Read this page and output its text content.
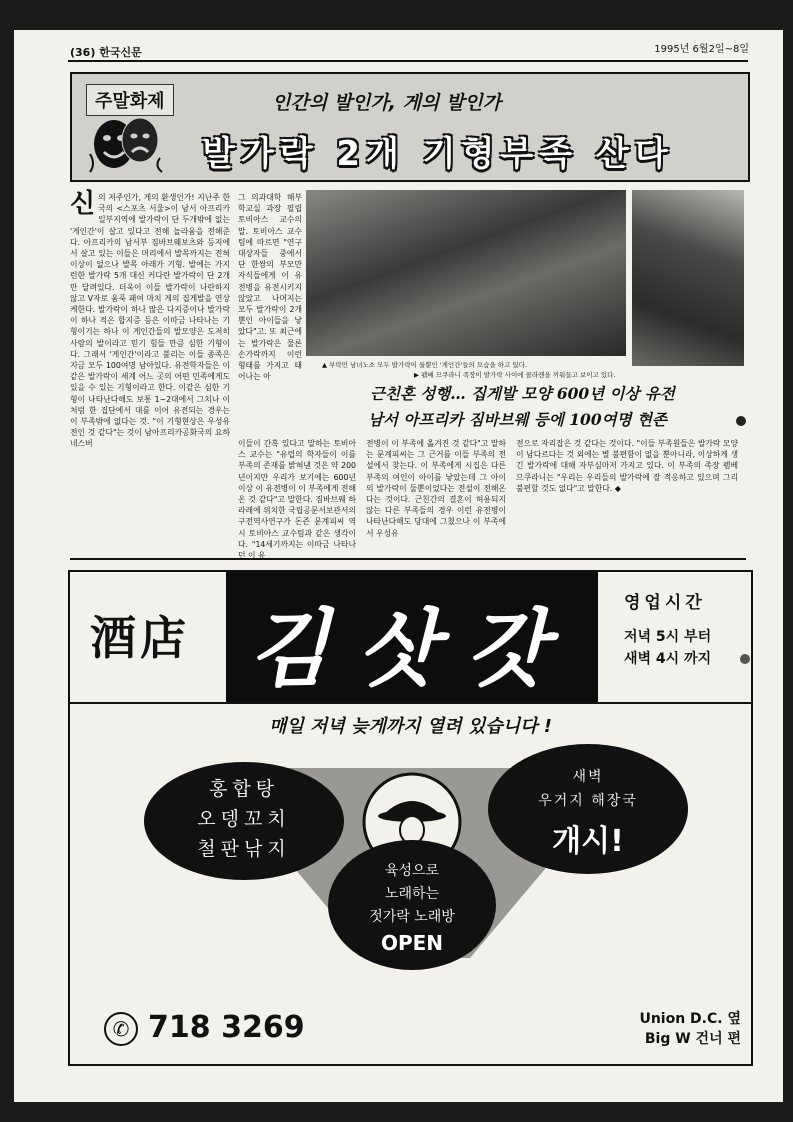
(36) 한국신문	1995년 6월2일~8일
주말화제	인간의 발인가, 게의 발인가
발가락 2개 기형부족 산다
신의 저주인가, 게의 환생인가! 지난주 한국의 <스포츠 서울>이 남서 아프리카 일부지역에 발가락이 단 두개밖에 없는 '게인간'이 살고 있다고 전해 놀라움을 전해준다. 아프리카의 남서부 짐바브웨보츠와 등지에서 살고 있는 이들은 머리에서 발목까지는 전혀 이상이 없으나 발목 아래가 기형. 발에는 가지런한 발가락 5개 대신 커다란 발가락이 단 2개만 달려있다. 더욱이 이들 발가락이 나란하지 않고 V자로 움푹 패여 마치 게의 집게발을 연상케한다. 발가락이 하나 많은 다지증이나 발가락이 하나 적은 합지증 등은 이따금 나타나는 기형이기는 하나 이 게인간들의 발모양은 도저히 사람의 발이라고 믿기 힘들 만큼 심한 기형이다. 그래서 '게인간'이라고 불리는 이들 종족은 지금 모두 100여명 남아있다. 유전학자들은 이같은 발가락이 세계 어느 곳의 어떤 민족에게도 있을 수 있는 기형이라고 한다. 이같은 심한 기형이 나타난다해도 보통 1~2대에서 그치나 이처럼 한 집단에서 대를 이어 유전되는 경우는 이 부족밖에 없다는 것. "이 기형현상은 우성유전인 것 같다"는 것이 남아프리카공화국의 요하네스버
그 의과대학 해부학교실 과장 필립 토비아스 교수의 말. 토비아스 교수팀에 따르면 "연구대상자들 중에서 단 한쌍의 부모만 자식들에게 이 유전병을 유전시키지 않았고 나머지는 모두 발가락이 2개뿐인 아이들을 낳았다"고. 또 최근에는 발가락은 물론 손가락까지 이런 형태를 가지고 태어나는 아
▲ 부락민 남녀노소 모두 발가락이 둘뿐인 '게인간'들의 모습을 하고 있다.
▶ 펨베 므쿠라니 족장이 발가락 사이에 콜라캔을 끼워들고 보이고 있다.
근친혼 성행… 집게발 모양 600년 이상 유전
남서 아프리카 짐바브웨 등에 100여명 현존
이들이 간혹 있다고 말하는 토비아스 교수는 "유럽의 학자들이 이를 부족의 존재를 밝혀낸 것은 약 200년이지만 우리가 보기에는 600년 이상 이 유전병이 이 부족에게 전해온 것 같다"고 말한다. 짐바브웨 하라레에 위치한 국립공문서보관서의 구전역사연구가 돈즌 문계피씨 역시 토비아스 교수팀과 같은 생각이다. "14세기까지는 이따금 나타나던 이 유
전병이 이 부족에 옮겨진 것 같다"고 말하는 문계피씨는 그 근거를 이들 부족의 전설에서 찾는다. 이 부족에게 시집은 다른 부족의 여인이 아이를 낳았는데 그 아이의 발가락이 둘뿐이었다는 전설이 전해온다는 것이다. 근친간의 결혼이 허용되지 않는 다른 부족들의 경우 이런 유전병이 나타난다해도 당대에 그쳤으나 이 부족에서 우성유
전으로 자리잡은 것 같다는 것이다. "이들 부족원들은 발가락 모양이 남다르다는 것 외에는 별 불편함이 없을 뿐아니라, 이상하게 생긴 발가락에 대해 자부심마저 가지고 있다. 이 부족의 족장 펨베 므쿠라니는 "우리는 우리들의 발가락에 잘 적응하고 있으며 그리 불편할 것도 없다"고 말한다. ◆
酒店 김삿갓	영업시간
저녁 5시 부터
새벽 4시 까지
매일 저녁 늦게까지 열려 있습니다 !
홍합탕
오뎅꼬치
철판낚지
새벽
우거지 해장국
개시!
육성으로
노래하는
젓가락 노래방
OPEN
✆ 718 3269	Union D.C. 옆
Big W 건너 편
